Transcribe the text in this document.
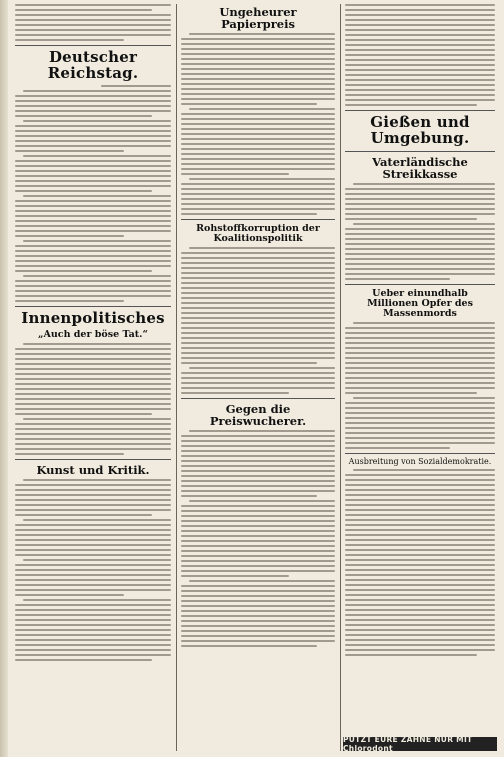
Deutscher Reichstag.
Innenpolitisches
„Auch der böse Tat.“
Kunst und Kritik.
Ungeheurer Papierpreis
Rohstoffkorruption der Koalitionspolitik
Gegen die Preiswucherer.
Gießen und Umgebung.
Vaterländische Streikkasse
Ueber einundhalb Millionen Opfer des Massenmords
Ausbreitung von Sozialdemokratie.
PUTZT EURE ZÄHNE NUR MIT Chlorodont
